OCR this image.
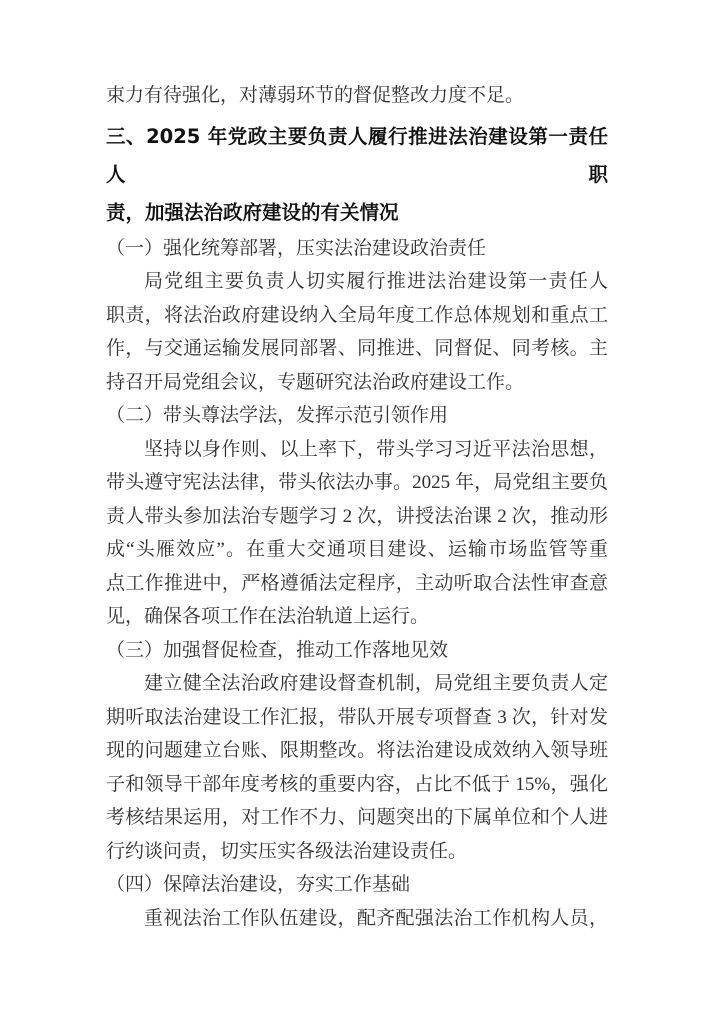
束力有待强化，对薄弱环节的督促整改力度不足。
三、2025 年党政主要负责人履行推进法治建设第一责任人职
责，加强法治政府建设的有关情况
（一）强化统筹部署，压实法治建设政治责任
局党组主要负责人切实履行推进法治建设第一责任人
职责，将法治政府建设纳入全局年度工作总体规划和重点工
作，与交通运输发展同部署、同推进、同督促、同考核。主
持召开局党组会议，专题研究法治政府建设工作。
（二）带头尊法学法，发挥示范引领作用
坚持以身作则、以上率下，带头学习习近平法治思想，
带头遵守宪法法律，带头依法办事。2025 年，局党组主要负
责人带头参加法治专题学习 2 次，讲授法治课 2 次，推动形
成“头雁效应”。在重大交通项目建设、运输市场监管等重
点工作推进中，严格遵循法定程序，主动听取合法性审查意
见，确保各项工作在法治轨道上运行。
（三）加强督促检查，推动工作落地见效
建立健全法治政府建设督查机制，局党组主要负责人定
期听取法治建设工作汇报，带队开展专项督查 3 次，针对发
现的问题建立台账、限期整改。将法治建设成效纳入领导班
子和领导干部年度考核的重要内容，占比不低于 15%，强化
考核结果运用，对工作不力、问题突出的下属单位和个人进
行约谈问责，切实压实各级法治建设责任。
（四）保障法治建设，夯实工作基础
重视法治工作队伍建设，配齐配强法治工作机构人员，
